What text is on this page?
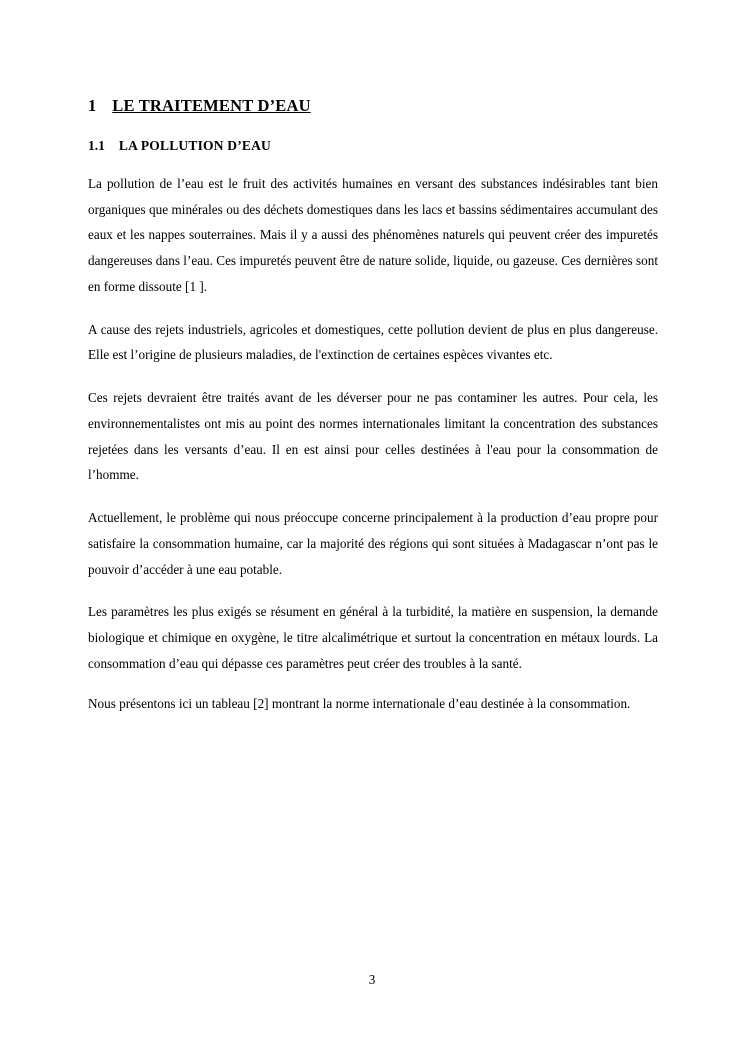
1 LE TRAITEMENT D’EAU
1.1 LA POLLUTION D’EAU

La pollution de l’eau est le fruit des activités humaines en versant des substances indésirables tant bien organiques que minérales ou des déchets domestiques dans les lacs et bassins sédimentaires accumulant des eaux et les nappes souterraines. Mais il y a aussi des phénomènes naturels qui peuvent créer des impuretés dangereuses dans l’eau. Ces impuretés peuvent être de nature solide, liquide, ou gazeuse. Ces dernières sont en forme dissoute [1 ].

A cause des rejets industriels, agricoles et domestiques, cette pollution devient de plus en plus dangereuse. Elle est l’origine de plusieurs maladies, de l'extinction de certaines espèces vivantes etc.

Ces rejets devraient être traités avant de les déverser pour ne pas contaminer les autres. Pour cela, les environnementalistes ont mis au point des normes internationales limitant la concentration des substances rejetées dans les versants d’eau. Il en est ainsi pour celles destinées à l'eau pour la consommation de l’homme.

Actuellement, le problème qui nous préoccupe concerne principalement à la production d’eau propre pour satisfaire la consommation humaine, car la majorité des régions qui sont situées à Madagascar n’ont pas le pouvoir d’accéder à une eau potable.

Les paramètres les plus exigés se résument en général à la turbidité, la matière en suspension, la demande biologique et chimique en oxygène, le titre alcalimétrique et surtout la concentration en métaux lourds. La consommation d’eau qui dépasse ces paramètres peut créer des troubles à la santé.

Nous présentons ici un tableau [2] montrant la norme internationale d’eau destinée à la consommation.

3
